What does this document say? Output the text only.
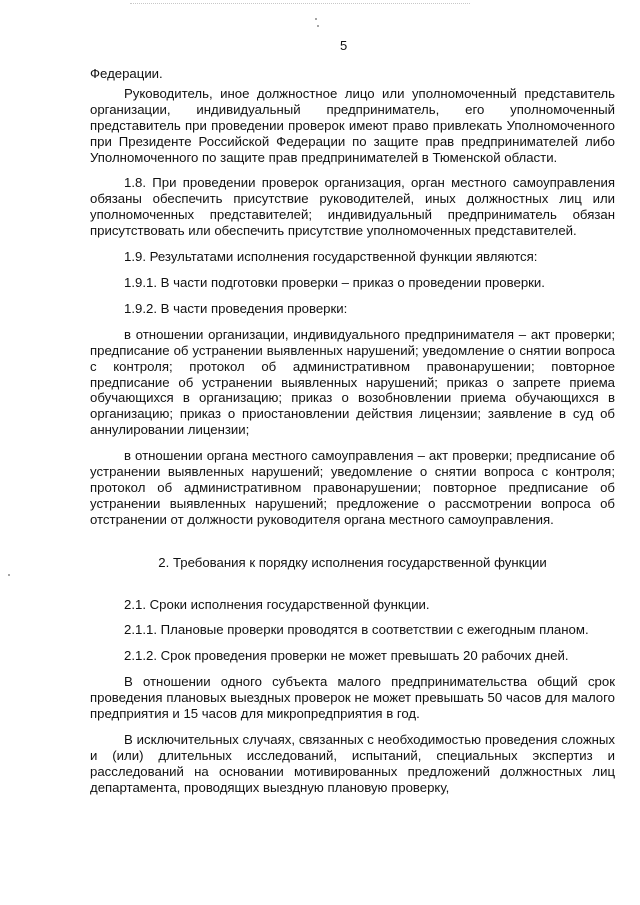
5

Федерации.

Руководитель, иное должностное лицо или уполномоченный представитель организации, индивидуальный предприниматель, его уполномоченный представитель при проведении проверок имеют право привлекать Уполномоченного при Президенте Российской Федерации по защите прав предпринимателей либо Уполномоченного по защите прав предпринимателей в Тюменской области.

1.8. При проведении проверок организация, орган местного самоуправления обязаны обеспечить присутствие руководителей, иных должностных лиц или уполномоченных представителей; индивидуальный предприниматель обязан присутствовать или обеспечить присутствие уполномоченных представителей.

1.9. Результатами исполнения государственной функции являются:

1.9.1. В части подготовки проверки – приказ о проведении проверки.

1.9.2. В части проведения проверки:

в отношении организации, индивидуального предпринимателя – акт проверки; предписание об устранении выявленных нарушений; уведомление о снятии вопроса с контроля; протокол об административном правонарушении; повторное предписание об устранении выявленных нарушений; приказ о запрете приема обучающихся в организацию; приказ о возобновлении приема обучающихся в организацию; приказ о приостановлении действия лицензии; заявление в суд об аннулировании лицензии;

в отношении органа местного самоуправления – акт проверки; предписание об устранении выявленных нарушений; уведомление о снятии вопроса с контроля; протокол об административном правонарушении; повторное предписание об устранении выявленных нарушений; предложение о рассмотрении вопроса об отстранении от должности руководителя органа местного самоуправления.

2. Требования к порядку исполнения государственной функции

2.1. Сроки исполнения государственной функции.

2.1.1. Плановые проверки проводятся в соответствии с ежегодным планом.

2.1.2. Срок проведения проверки не может превышать 20 рабочих дней.

В отношении одного субъекта малого предпринимательства общий срок проведения плановых выездных проверок не может превышать 50 часов для малого предприятия и 15 часов для микропредприятия в год.

В исключительных случаях, связанных с необходимостью проведения сложных и (или) длительных исследований, испытаний, специальных экспертиз и расследований на основании мотивированных предложений должностных лиц департамента, проводящих выездную плановую проверку,
